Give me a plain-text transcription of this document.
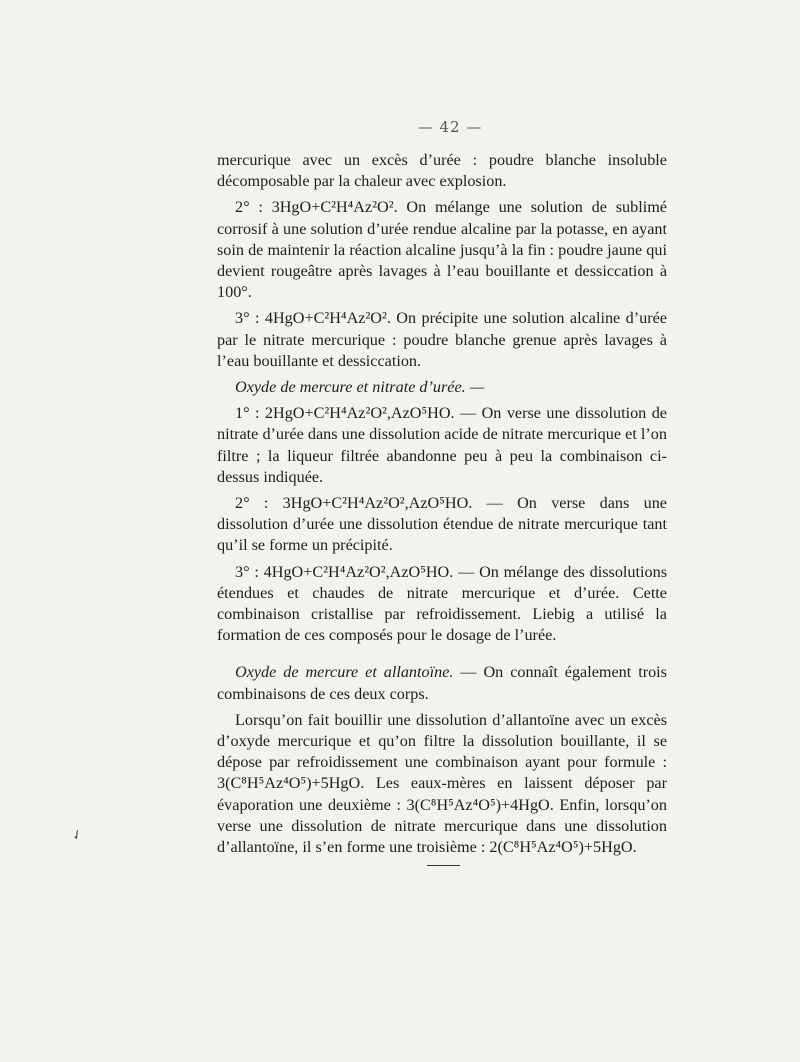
— 42 —

mercurique avec un excès d’urée : poudre blanche insoluble décomposable par la chaleur avec explosion.

2° : 3HgO+C²H⁴Az²O². On mélange une solution de sublimé corrosif à une solution d’urée rendue alcaline par la potasse, en ayant soin de maintenir la réaction alcaline jusqu’à la fin : poudre jaune qui devient rougeâtre après lavages à l’eau bouillante et dessiccation à 100°.

3° : 4HgO+C²H⁴Az²O². On précipite une solution alcaline d’urée par le nitrate mercurique : poudre blanche grenue après lavages à l’eau bouillante et dessiccation.

Oxyde de mercure et nitrate d’urée. —

1° : 2HgO+C²H⁴Az²O²,AzO⁵HO. — On verse une dissolution de nitrate d’urée dans une dissolution acide de nitrate mercurique et l’on filtre ; la liqueur filtrée abandonne peu à peu la combinaison ci-dessus indiquée.

2° : 3HgO+C²H⁴Az²O²,AzO⁵HO. — On verse dans une dissolution d’urée une dissolution étendue de nitrate mercurique tant qu’il se forme un précipité.

3° : 4HgO+C²H⁴Az²O²,AzO⁵HO. — On mélange des dissolutions étendues et chaudes de nitrate mercurique et d’urée. Cette combinaison cristallise par refroidissement. Liebig a utilisé la formation de ces composés pour le dosage de l’urée.

Oxyde de mercure et allantoïne. — On connaît également trois combinaisons de ces deux corps.

Lorsqu’on fait bouillir une dissolution d’allantoïne avec un excès d’oxyde mercurique et qu’on filtre la dissolution bouillante, il se dépose par refroidissement une combinaison ayant pour formule : 3(C⁸H⁵Az⁴O⁵)+5HgO. Les eaux-mères en laissent déposer par évaporation une deuxième : 3(C⁸H⁵Az⁴O⁵)+4HgO. Enfin, lorsqu’on verse une dissolution de nitrate mercurique dans une dissolution d’allantoïne, il s’en forme une troisième : 2(C⁸H⁵Az⁴O⁵)+5HgO.

✓
